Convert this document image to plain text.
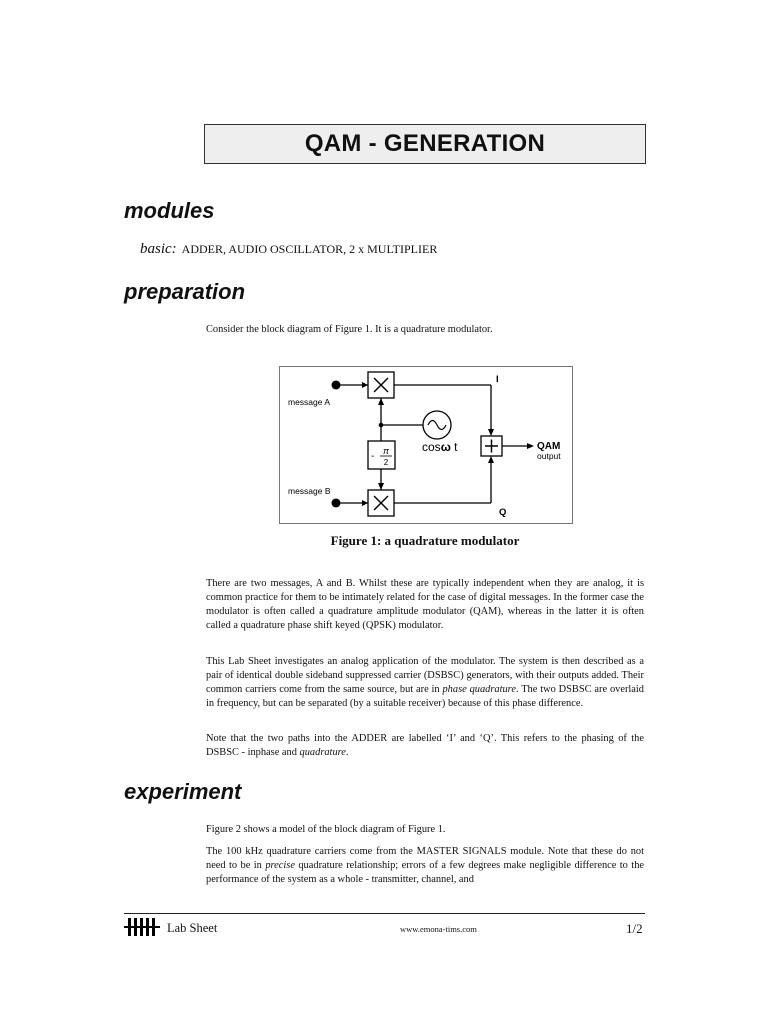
QAM - GENERATION
modules
basic: ADDER, AUDIO OSCILLATOR, 2 x MULTIPLIER
preparation

Consider the block diagram of Figure 1. It is a quadrature modulator.

- π
2
cosω t
message A
message B
I
Q
QAM
output
Figure 1: a quadrature modulator

There are two messages, A and B. Whilst these are typically independent when they are analog, it is common practice for them to be intimately related for the case of digital messages. In the former case the modulator is often called a quadrature amplitude modulator (QAM), whereas in the latter it is often called a quadrature phase shift keyed (QPSK) modulator.

This Lab Sheet investigates an analog application of the modulator. The system is then described as a pair of identical double sideband suppressed carrier (DSBSC) generators, with their outputs added. Their common carriers come from the same source, but are in phase quadrature. The two DSBSC are overlaid in frequency, but can be separated (by a suitable receiver) because of this phase difference.

Note that the two paths into the ADDER are labelled ‘I’ and ‘Q’. This refers to the phasing of the DSBSC - inphase and quadrature.

experiment

Figure 2 shows a model of the block diagram of Figure 1.

The 100 kHz quadrature carriers come from the MASTER SIGNALS module. Note that these do not need to be in precise quadrature relationship; errors of a few degrees make negligible difference to the performance of the system as a whole - transmitter, channel, and

Lab Sheet	www.emona-tims.com	1/2
